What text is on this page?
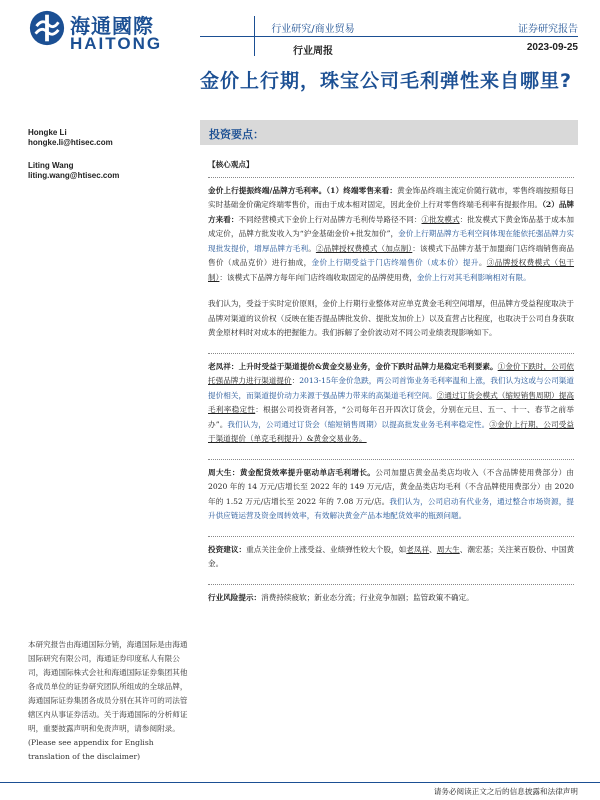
海通國際
HAITONG
行业研究/商业贸易
行业周报
证券研究报告
2023-09-25
金价上行期，珠宝公司毛利弹性来自哪里?
Hongke Li
hongke.li@htisec.com
Liting Wang
liting.wang@htisec.com
投资要点：

【核心观点】

金价上行提振终端/品牌方毛利率。（1）终端零售来看：黄金饰品终端主流定价随行就市，零售终端按照每日实时基础金价确定终端零售价，而由于成本相对固定，因此金价上行对零售终端毛利率有提振作用。（2）品牌方来看：不同经营模式下金价上行对品牌方毛利传导路径不同：①批发模式：批发模式下黄金饰品基于成本加成定价，品牌方批发收入为“沪金基础金价+批发加价”，金价上行期品牌方毛利空间体现在能依托强品牌力实现批发提价，增厚品牌方毛利。②品牌授权费模式（加点制）：该模式下品牌方基于加盟商门店终端销售商品售价（成品克价）进行抽成，金价上行期受益于门店终端售价（成本价）提升。③品牌授权费模式（包干制）：该模式下品牌方每年向门店终端收取固定的品牌使用费，金价上行对其毛利影响相对有限。

我们认为，受益于实时定价原则，金价上行期行业整体对应单克黄金毛利空间增厚，但品牌方受益程度取决于品牌对渠道的议价权（反映在能否提品牌批发价、提批发加价上）以及直营占比程度，也取决于公司自身获取黄金原材料时对成本的把握能力。我们拆解了金价波动对不同公司业绩表现影响如下。

老凤祥：上升时受益于渠道提价&黄金交易业务，金价下跌时品牌力是稳定毛利要素。①金价下跌时，公司依托强品牌力进行渠道提价：2013-15年金价急跌，两公司首饰业务毛利率温和上涨，我们认为这或与公司渠道提价相关，而渠道提价动力来源于强品牌力带来的高渠道毛利空间。②通过订货会模式（缩短销售周期）提高毛利率稳定性：根据公司投资者问答，“公司每年召开四次订货会，分别在元旦、五一、十一、春节之前举办”。我们认为，公司通过订货会（缩短销售周期）以提高批发业务毛利率稳定性。③金价上行期，公司受益于渠道提价（单克毛利提升）&黄金交易业务。

周大生：黄金配货效率提升驱动单店毛利增长。公司加盟店黄金品类店均收入（不含品牌使用费部分）由 2020 年的 14 万元/店增长至 2022 年的 149 万元/店，黄金品类店均毛利（不含品牌使用费部分）由 2020 年的 1.52 万元/店增长至 2022 年的 7.08 万元/店。我们认为，公司启动有代业务，通过整合市场资源，提升供应链运营及资金周转效率，有效解决黄金产品本地配货效率的瓶颈问题。

投资建议：重点关注金价上涨受益、业绩弹性较大个股，如老凤祥、周大生、潮宏基；关注莱百股份、中国黄金。

行业风险提示：消费持续疲软；新业态分流；行业竞争加剧；监管政策不确定。

本研究报告由海通国际分销，海通国际是由海通国际研究有限公司，海通证券印度私人有限公司，海通国际株式会社和海通国际证券集团其他各成员单位的证券研究团队所组成的全球品牌，海通国际证券集团各成员分别在其许可的司法管辖区内从事证券活动。关于海通国际的分析师证明，重要披露声明和免责声明，请参阅附录。(Please see appendix for English translation of the disclaimer)
请务必阅读正文之后的信息披露和法律声明
